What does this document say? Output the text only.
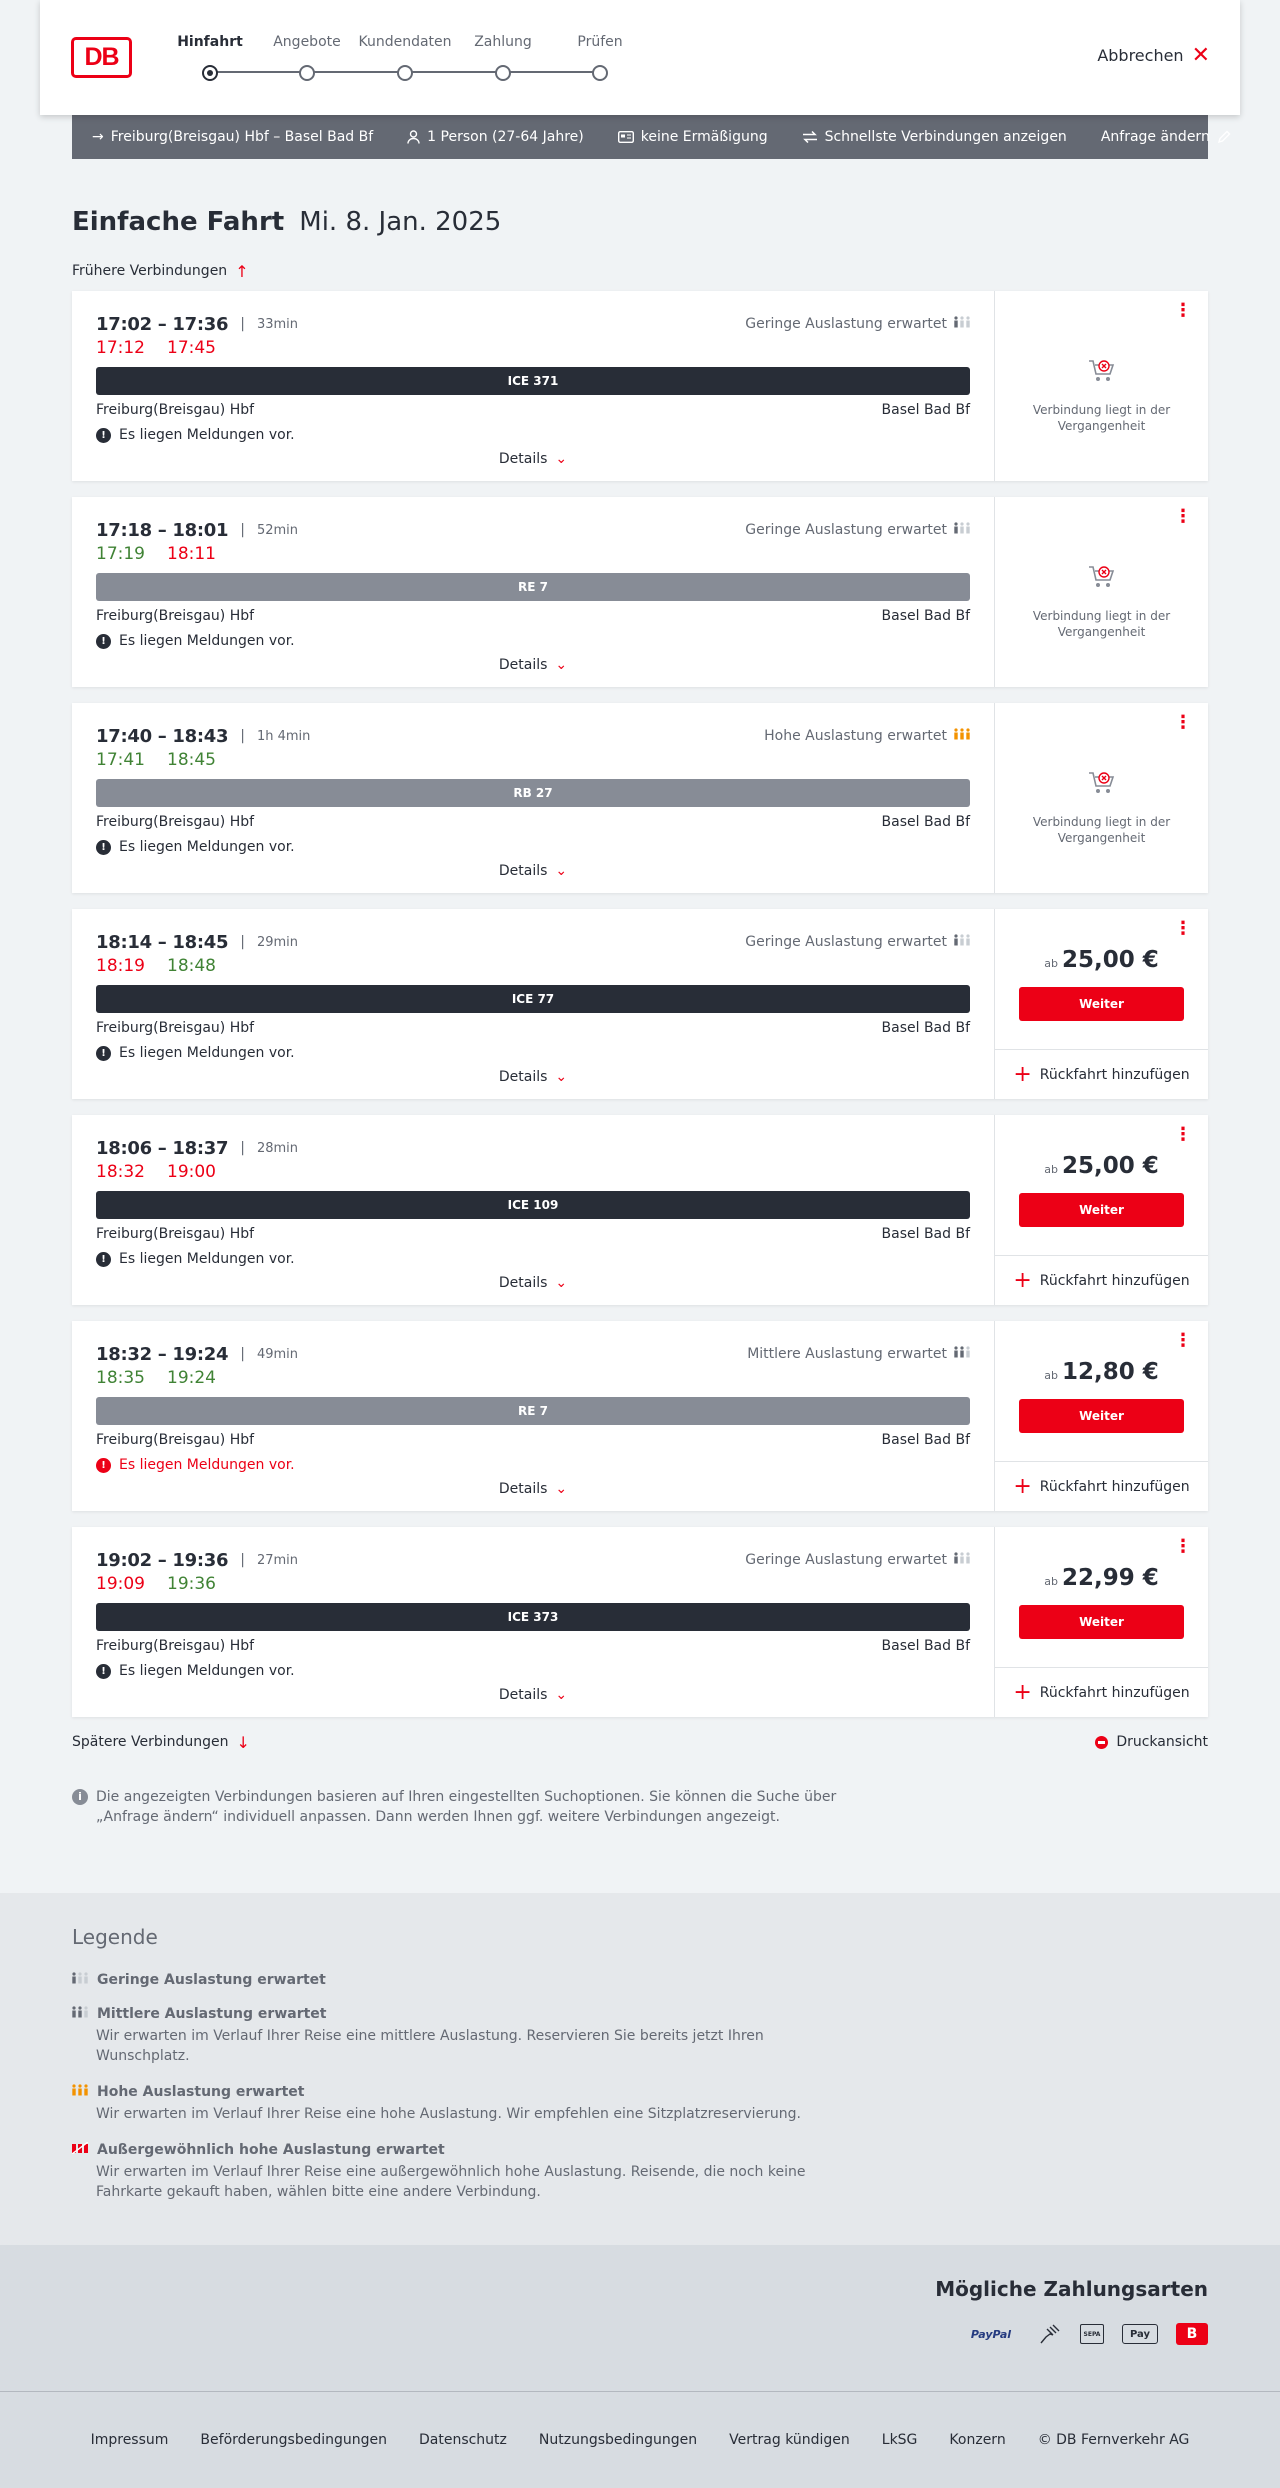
DB
Hinfahrt	Angebote	Kundendaten	Zahlung	Prüfen
Abbrechen ✕
→ Freiburg(Breisgau) Hbf – Basel Bad Bf	1 Person (27-64 Jahre)	keine Ermäßigung	Schnellste Verbindungen anzeigen Anfrage ändern
Einfache Fahrt Mi. 8. Jan. 2025
Frühere Verbindungen ↑
17:02 – 17:36 | 33min	Geringe Auslastung erwartet
17:12 17:45
ICE 371
Freiburg(Breisgau) Hbf	Basel Bad Bf
! Es liegen Meldungen vor.
Details ⌄
⋮
Verbindung liegt in der Vergangenheit
17:18 – 18:01 | 52min	Geringe Auslastung erwartet
17:19 18:11
RE 7
Freiburg(Breisgau) Hbf	Basel Bad Bf
! Es liegen Meldungen vor.
Details ⌄
⋮
Verbindung liegt in der Vergangenheit
17:40 – 18:43 | 1h 4min	Hohe Auslastung erwartet
17:41 18:45
RB 27
Freiburg(Breisgau) Hbf	Basel Bad Bf
! Es liegen Meldungen vor.
Details ⌄
⋮
Verbindung liegt in der Vergangenheit
18:14 – 18:45 | 29min	Geringe Auslastung erwartet
18:19 18:48
ICE 77
Freiburg(Breisgau) Hbf	Basel Bad Bf
! Es liegen Meldungen vor.
Details ⌄
⋮
ab 25,00 €
Weiter
+ Rückfahrt hinzufügen
18:06 – 18:37 | 28min
18:32 19:00
ICE 109
Freiburg(Breisgau) Hbf	Basel Bad Bf
! Es liegen Meldungen vor.
Details ⌄
⋮
ab 25,00 €
Weiter
+ Rückfahrt hinzufügen
18:32 – 19:24 | 49min	Mittlere Auslastung erwartet
18:35 19:24
RE 7
Freiburg(Breisgau) Hbf	Basel Bad Bf
! Es liegen Meldungen vor.
Details ⌄
⋮
ab 12,80 €
Weiter
+ Rückfahrt hinzufügen
19:02 – 19:36 | 27min	Geringe Auslastung erwartet
19:09 19:36
ICE 373
Freiburg(Breisgau) Hbf	Basel Bad Bf
! Es liegen Meldungen vor.
Details ⌄
⋮
ab 22,99 €
Weiter
+ Rückfahrt hinzufügen
Spätere Verbindungen ↓	Druckansicht
i	Die angezeigten Verbindungen basieren auf Ihren eingestellten Suchoptionen. Sie können die Suche über „Anfrage ändern“ individuell anpassen. Dann werden Ihnen ggf. weitere Verbindungen angezeigt.
Legende
Geringe Auslastung erwartet
Mittlere Auslastung erwartet
Wir erwarten im Verlauf Ihrer Reise eine mittlere Auslastung. Reservieren Sie bereits jetzt Ihren Wunschplatz.
Hohe Auslastung erwartet
Wir erwarten im Verlauf Ihrer Reise eine hohe Auslastung. Wir empfehlen eine Sitzplatzreservierung.
Außergewöhnlich hohe Auslastung erwartet
Wir erwarten im Verlauf Ihrer Reise eine außergewöhnlich hohe Auslastung. Reisende, die noch keine Fahrkarte gekauft haben, wählen bitte eine andere Verbindung.
Mögliche Zahlungsarten
PayPal	SEPA	Pay	B
Impressum Beförderungsbedingungen Datenschutz Nutzungsbedingungen Vertrag kündigen LkSG Konzern © DB Fernverkehr AG
